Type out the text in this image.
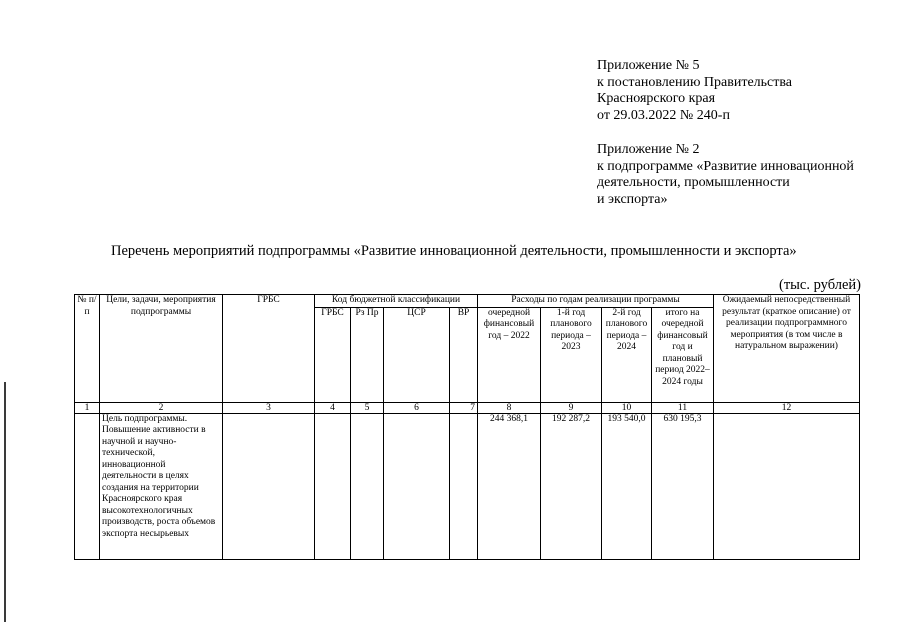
Приложение № 5
к постановлению Правительства
Красноярского края
от 29.03.2022 № 240-п
Приложение № 2
к подпрограмме «Развитие инновационной
деятельности, промышленности
и экспорта»
Перечень мероприятий подпрограммы «Развитие инновационной деятельности, промышленности и экспорта»
(тыс. рублей)
№ п/п	Цели, задачи, мероприятия подпрограммы	ГРБС	Код бюджетной классификации				Расходы по годам реализации программы				Ожидаемый непосредственный результат (краткое описание) от реализации подпрограммного мероприятия (в том числе в натуральном выражении)
			ГРБС	Рз Пр	ЦСР	ВР	очередной финансовый год – 2022	1-й год планового периода – 2023	2-й год планового периода – 2024	итого на очередной финансовый год и плановый период 2022–2024 годы	
1	2	3	4	5	6	7	8	9	10	11	12
	Цель подпрограммы. Повышение активности в научной и научно-технической, инновационной деятельности в целях создания на территории Красноярского края высокотехнологичных производств, роста объемов экспорта несырьевых						244 368,1	192 287,2	193 540,0	630 195,3	
